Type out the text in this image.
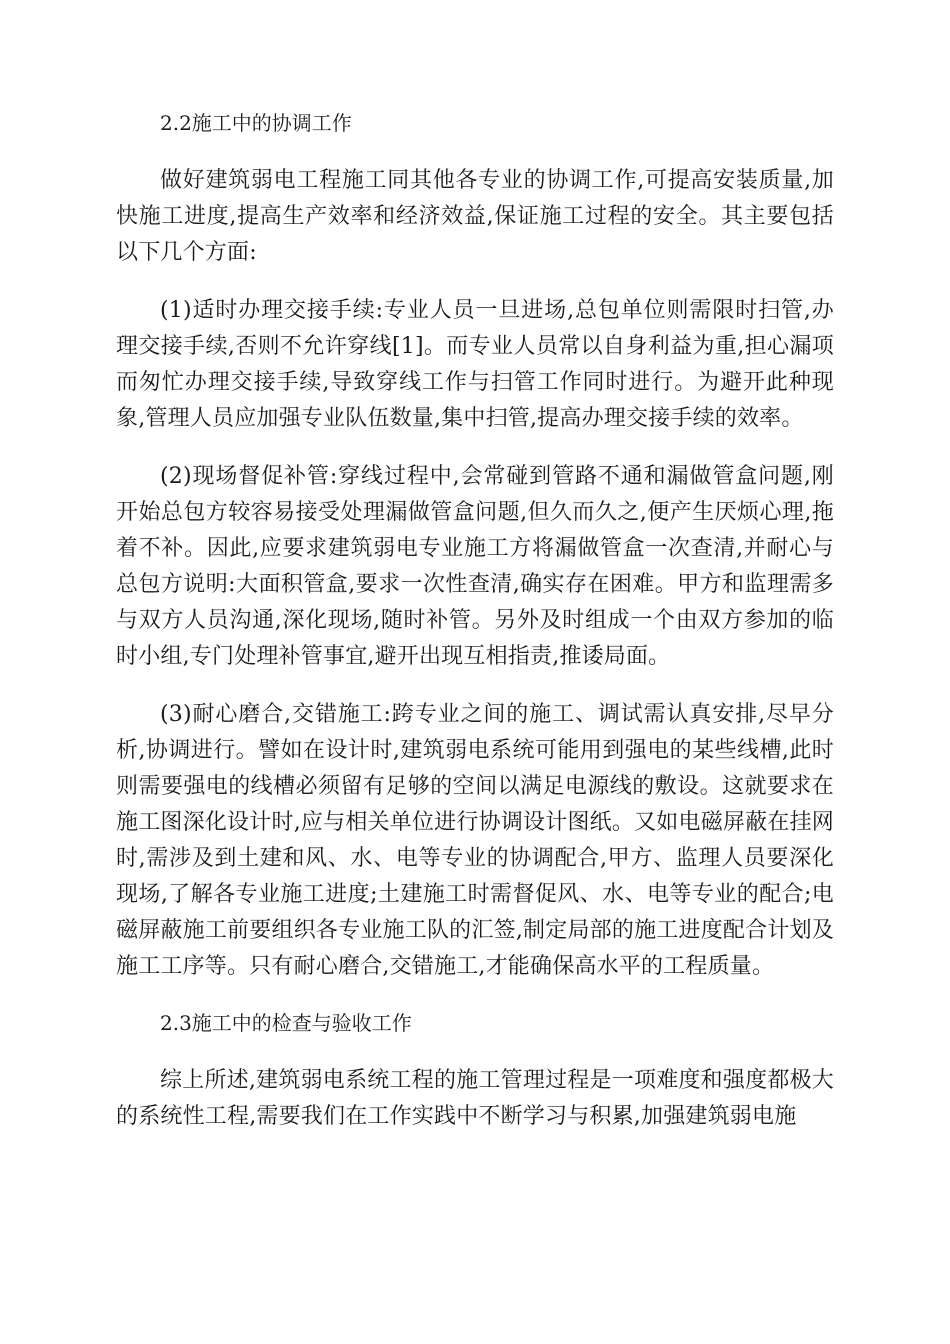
2.2施工中的协调工作

做好建筑弱电工程施工同其他各专业的协调工作,可提高安装质量,加快施工进度,提高生产效率和经济效益,保证施工过程的安全。其主要包括以下几个方面:

(1)适时办理交接手续:专业人员一旦进场,总包单位则需限时扫管,办理交接手续,否则不允许穿线[1]。而专业人员常以自身利益为重,担心漏项而匆忙办理交接手续,导致穿线工作与扫管工作同时进行。为避开此种现象,管理人员应加强专业队伍数量,集中扫管,提高办理交接手续的效率。

(2)现场督促补管:穿线过程中,会常碰到管路不通和漏做管盒问题,刚开始总包方较容易接受处理漏做管盒问题,但久而久之,便产生厌烦心理,拖着不补。因此,应要求建筑弱电专业施工方将漏做管盒一次查清,并耐心与总包方说明:大面积管盒,要求一次性查清,确实存在困难。甲方和监理需多与双方人员沟通,深化现场,随时补管。另外及时组成一个由双方参加的临时小组,专门处理补管事宜,避开出现互相指责,推诿局面。

(3)耐心磨合,交错施工:跨专业之间的施工、调试需认真安排,尽早分析,协调进行。譬如在设计时,建筑弱电系统可能用到强电的某些线槽,此时则需要强电的线槽必须留有足够的空间以满足电源线的敷设。这就要求在施工图深化设计时,应与相关单位进行协调设计图纸。又如电磁屏蔽在挂网时,需涉及到土建和风、水、电等专业的协调配合,甲方、监理人员要深化现场,了解各专业施工进度;土建施工时需督促风、水、电等专业的配合;电磁屏蔽施工前要组织各专业施工队的汇签,制定局部的施工进度配合计划及施工工序等。只有耐心磨合,交错施工,才能确保高水平的工程质量。

2.3施工中的检查与验收工作

综上所述,建筑弱电系统工程的施工管理过程是一项难度和强度都极大的系统性工程,需要我们在工作实践中不断学习与积累,加强建筑弱电施
